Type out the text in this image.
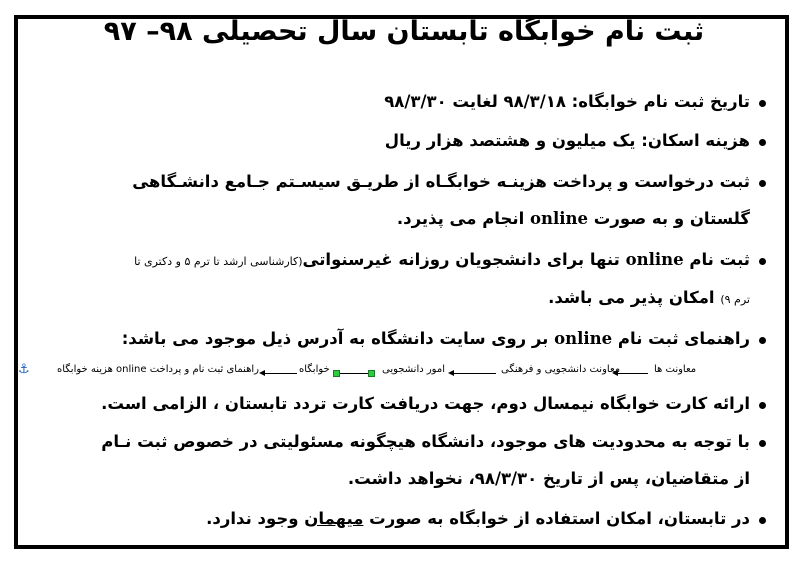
ثبت نام خوابگاه تابستان سال تحصیلی ۹۸– ۹۷
تاریخ ثبت نام خوابگاه: ۹۸/۳/۱۸ لغایت ۹۸/۳/۳۰
هزینه اسکان: یک میلیون و هشتصد هزار ریال
ثبت درخواست و پرداخت هزینـه خوابگـاه از طریـق سیسـتم جـامع دانشـگاهی
گلستان و به صورت online انجام می پذیرد.
ثبت نام online تنها برای دانشجویان روزانه غیرسنواتی(کارشناسی ارشد تا ترم ۵ و دکتری تا
ترم ۹) امکان پذیر می باشد.
راهنمای ثبت نام online بر روی سایت دانشگاه به آدرس ذیل موجود می باشد:
⚓	معاونت ها
معاونت دانشجویی و فرهنگی
امور دانشجویی
خوابگاه
راهنمای ثبت نام و پرداخت online هزینه خوابگاه
ارائه کارت خوابگاه نیمسال دوم، جهت دریافت کارت تردد تابستان ، الزامی است.
با توجه به محدودیت های موجود، دانشگاه هیچگونه مسئولیتی در خصوص ثبت نـام
از متقاضیان، پس از تاریخ ۹۸/۳/۳۰، نخواهد داشت.
در تابستان، امکان استفاده از خوابگاه به صورت میهمان وجود ندارد.
